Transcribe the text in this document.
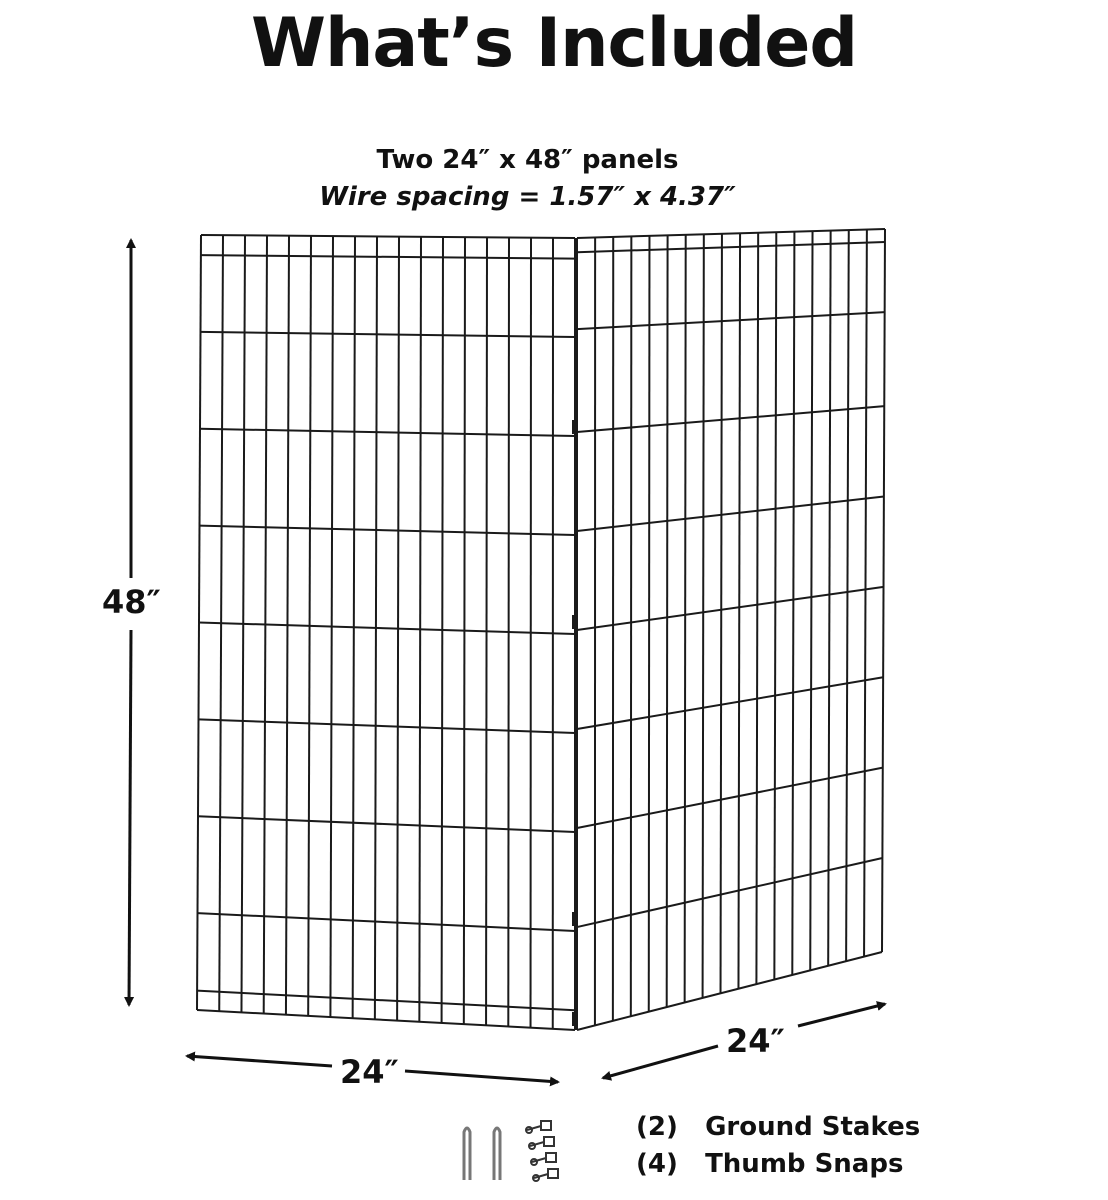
What’s Included
Two 24″ x 48″ panels
Wire spacing = 1.57″ x 4.37″
48″
24″
24″
(2) Ground Stakes
(4) Thumb Snaps
